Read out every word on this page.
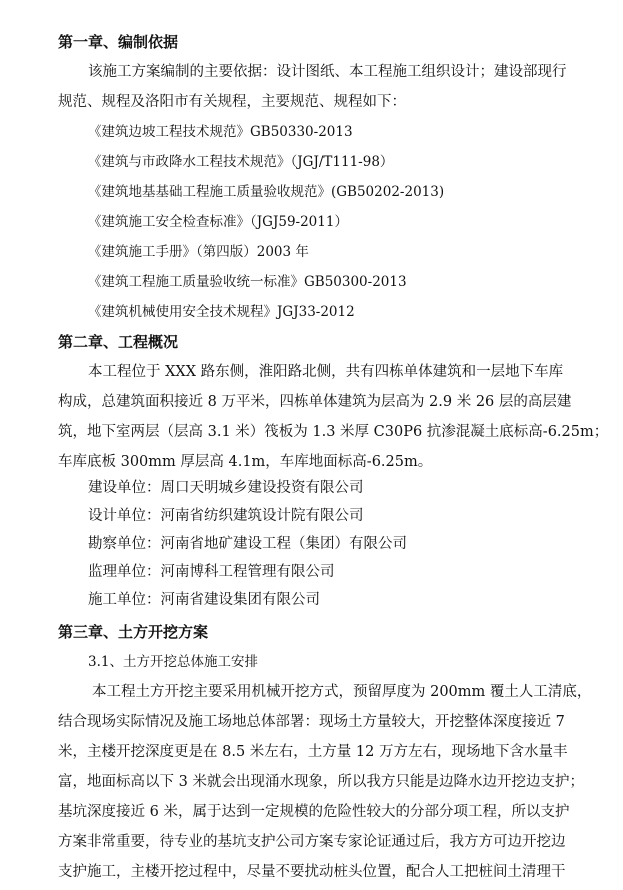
第一章、编制依据
该施工方案编制的主要依据：设计图纸、本工程施工组织设计；建设部现行
规范、规程及洛阳市有关规程，主要规范、规程如下：
《建筑边坡工程技术规范》GB50330-2013
《建筑与市政降水工程技术规范》（JGJ/T111-98）
《建筑地基基础工程施工质量验收规范》(GB50202-2013)
《建筑施工安全检查标准》（JGJ59-2011）
《建筑施工手册》（第四版）2003 年
《建筑工程施工质量验收统一标准》GB50300-2013
《建筑机械使用安全技术规程》JGJ33-2012
第二章、工程概况
本工程位于 XXX 路东侧，淮阳路北侧，共有四栋单体建筑和一层地下车库
构成，总建筑面积接近 8 万平米，四栋单体建筑为层高为 2.9 米 26 层的高层建
筑，地下室两层（层高 3.1 米）筏板为 1.3 米厚 C30P6 抗渗混凝土底标高-6.25m；
车库底板 300mm 厚层高 4.1m，车库地面标高-6.25m。
建设单位：周口天明城乡建设投资有限公司
设计单位：河南省纺织建筑设计院有限公司
勘察单位：河南省地矿建设工程（集团）有限公司
监理单位：河南博科工程管理有限公司
施工单位：河南省建设集团有限公司
第三章、土方开挖方案
3.1、土方开挖总体施工安排
本工程土方开挖主要采用机械开挖方式，预留厚度为 200mm 覆土人工清底，
结合现场实际情况及施工场地总体部署：现场土方量较大，开挖整体深度接近 7
米，主楼开挖深度更是在 8.5 米左右，土方量 12 万方左右，现场地下含水量丰
富，地面标高以下 3 米就会出现涌水现象，所以我方只能是边降水边开挖边支护；
基坑深度接近 6 米，属于达到一定规模的危险性较大的分部分项工程，所以支护
方案非常重要，待专业的基坑支护公司方案专家论证通过后，我方方可边开挖边
支护施工，主楼开挖过程中，尽量不要扰动桩头位置，配合人工把桩间土清理干
